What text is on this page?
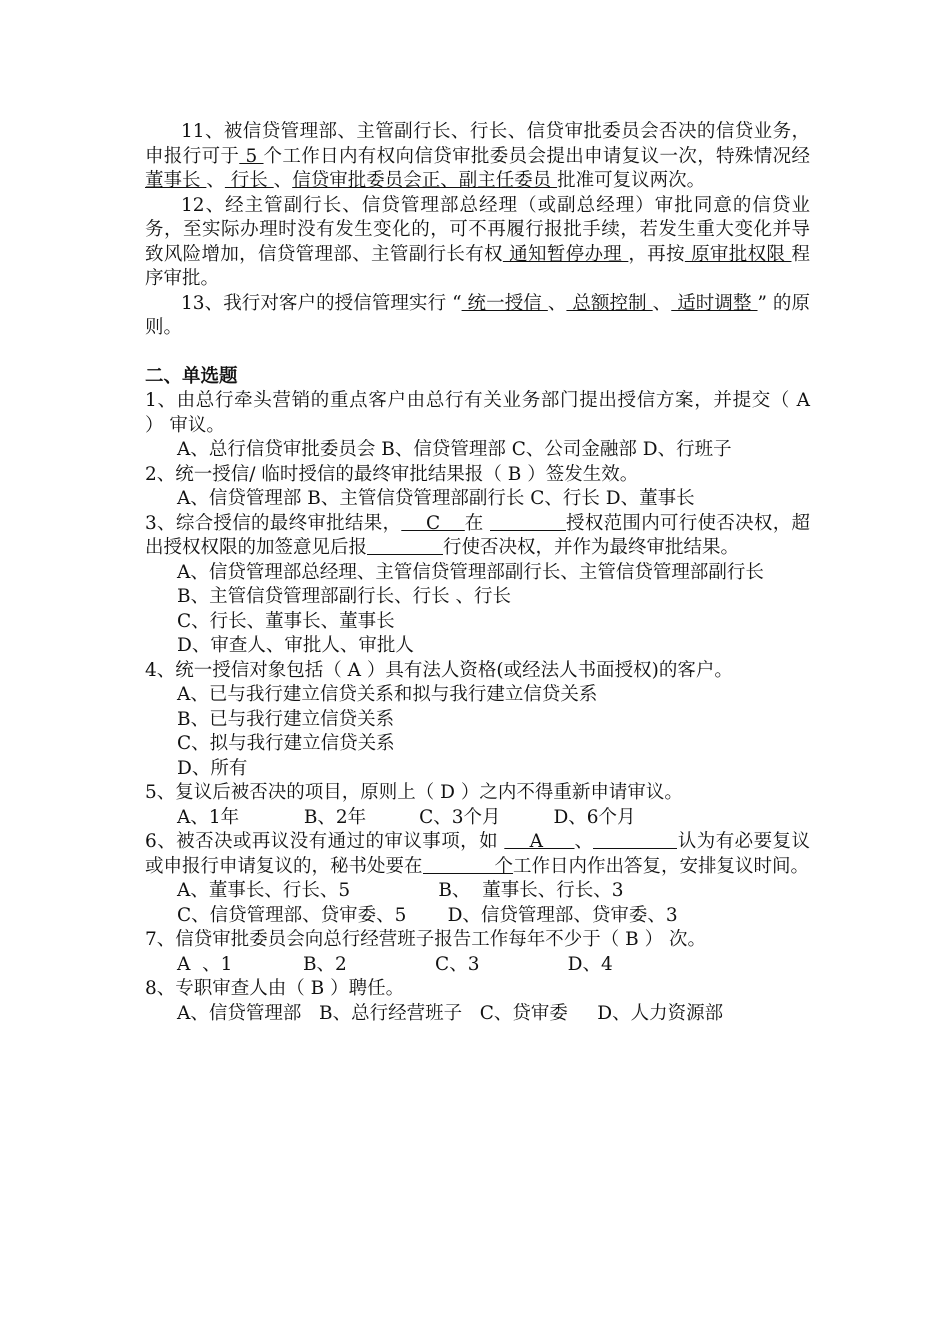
11、被信贷管理部、主管副行长、行长、信贷审批委员会否决的信贷业务，申报行可于 5 个工作日内有权向信贷审批委员会提出申请复议一次，特殊情况经 董事长 、 行长 、信贷审批委员会正、副主任委员 批准可复议两次。

12、经主管副行长、信贷管理部总经理（或副总经理）审批同意的信贷业务，至实际办理时没有发生变化的，可不再履行报批手续，若发生重大变化并导致风险增加，信贷管理部、主管副行长有权 通知暂停办理 ，再按 原审批权限 程序审批。

13、我行对客户的授信管理实行 “ 统一授信 、 总额控制 、 适时调整 ” 的原则。

二、单选题

1、由总行牵头营销的重点客户由总行有关业务部门提出授信方案，并提交（ A ） 审议。

A、总行信贷审批委员会 B、信贷管理部 C、公司金融部 D、行班子

2、统一授信/ 临时授信的最终审批结果报（ B ）签发生效。

A、信贷管理部 B、主管信贷管理部副行长 C、行长 D、董事长

3、综合授信的最终审批结果，    C    在	授权范围内可行使否决权，超出授权权限的加签意见后报	行使否决权，并作为最终审批结果。

A、信贷管理部总经理、主管信贷管理部副行长、主管信贷管理部副行长

B、主管信贷管理部副行长、行长 、行长

C、行长、董事长、董事长

D、审查人、审批人、审批人

4、统一授信对象包括（ A ）具有法人资格(或经法人书面授权)的客户。

A、已与我行建立信贷关系和拟与我行建立信贷关系

B、已与我行建立信贷关系

C、拟与我行建立信贷关系

D、所有

5、复议后被否决的项目，原则上（ D ）之内不得重新申请审议。

A、1年           B、2年         C、3个月         D、6个月

6、被否决或再议没有通过的审议事项，如     A     、	认为有必要复议或申报行申请复议的，秘书处要在	个工作日内作出答复，安排复议时间。

A、董事长、行长、5               B、  董事长、行长、3

C、信贷管理部、贷审委、5       D、信贷管理部、贷审委、3

7、信贷审批委员会向总行经营班子报告工作每年不少于（ B ） 次。

A  、1            B、2               C、3               D、4

8、专职审查人由（ B ）聘任。

A、信贷管理部   B、总行经营班子   C、贷审委     D、人力资源部
